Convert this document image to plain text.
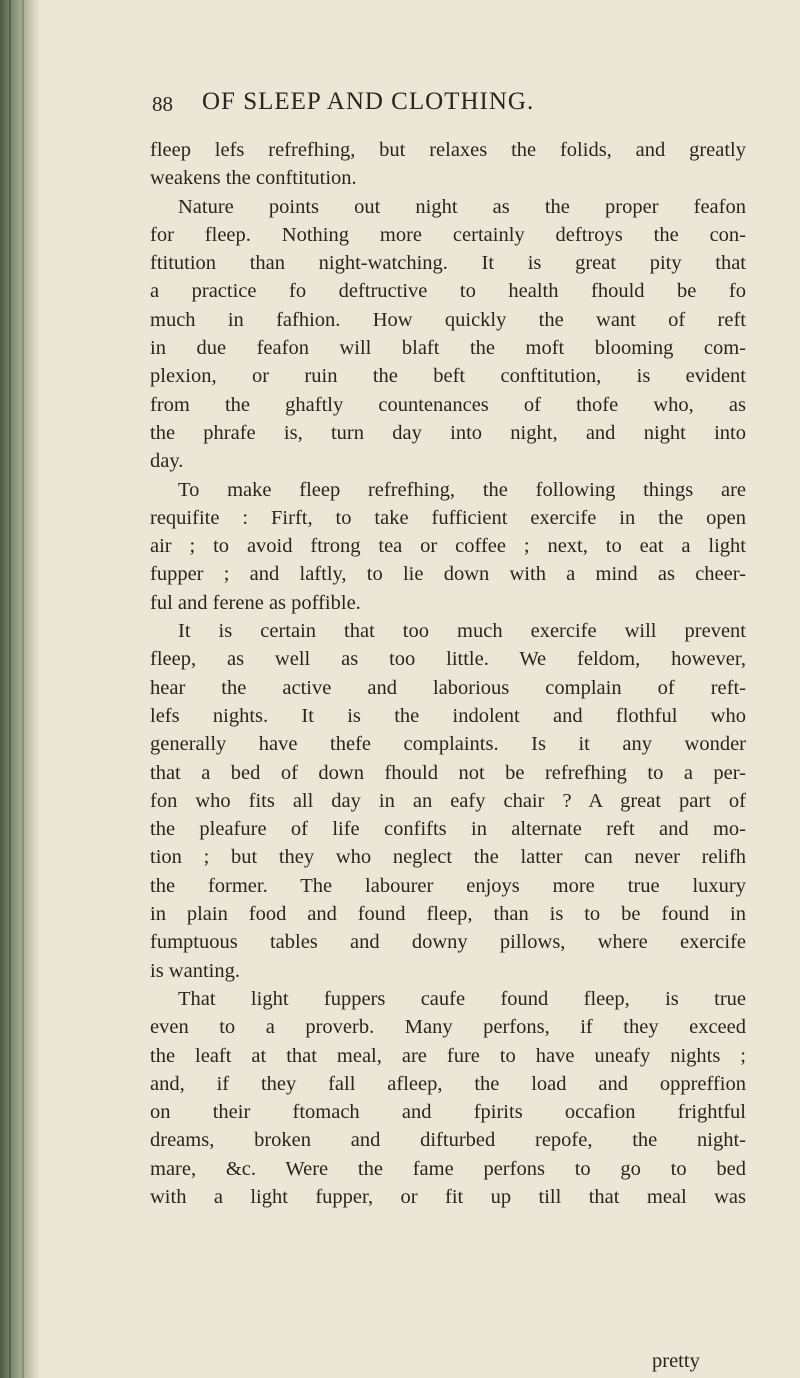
88 OF SLEEP AND CLOTHING.
fleep lefs refrefhing, but relaxes the folids, and greatly
weakens the conftitution.
Nature points out night as the proper feafon
for fleep. Nothing more certainly deftroys the con-
ftitution than night-watching. It is great pity that
a practice fo deftructive to health fhould be fo
much in fafhion. How quickly the want of reft
in due feafon will blaft the moft blooming com-
plexion, or ruin the beft conftitution, is evident
from the ghaftly countenances of thofe who, as
the phrafe is, turn day into night, and night into
day.
To make fleep refrefhing, the following things are
requifite : Firft, to take fufficient exercife in the open
air ; to avoid ftrong tea or coffee ; next, to eat a light
fupper ; and laftly, to lie down with a mind as cheer-
ful and ferene as poffible.
It is certain that too much exercife will prevent
fleep, as well as too little. We feldom, however,
hear the active and laborious complain of reft-
lefs nights. It is the indolent and flothful who
generally have thefe complaints. Is it any wonder
that a bed of down fhould not be refrefhing to a per-
fon who fits all day in an eafy chair ? A great part of
the pleafure of life confifts in alternate reft and mo-
tion ; but they who neglect the latter can never relifh
the former. The labourer enjoys more true luxury
in plain food and found fleep, than is to be found in
fumptuous tables and downy pillows, where exercife
is wanting.
That light fuppers caufe found fleep, is true
even to a proverb. Many perfons, if they exceed
the leaft at that meal, are fure to have uneafy nights ;
and, if they fall afleep, the load and oppreffion
on their ftomach and fpirits occafion frightful
dreams, broken and difturbed repofe, the night-
mare, &c. Were the fame perfons to go to bed
with a light fupper, or fit up till that meal was
pretty
